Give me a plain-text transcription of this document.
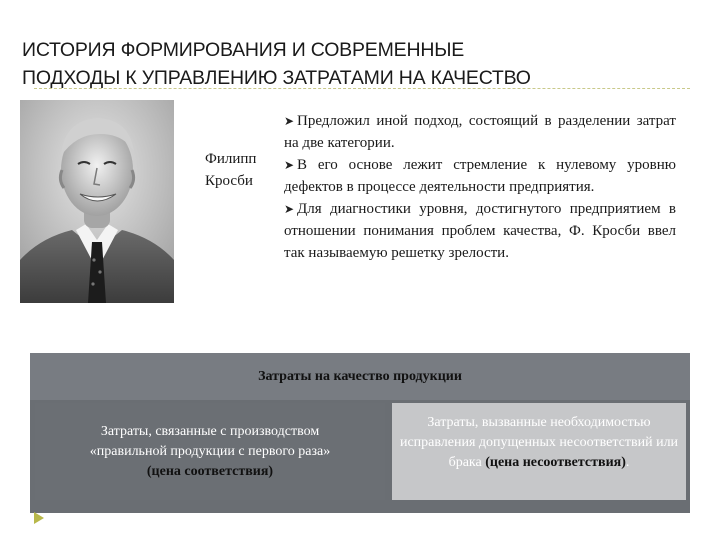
ИСТОРИЯ ФОРМИРОВАНИЯ И СОВРЕМЕННЫЕ
ПОДХОДЫ К УПРАВЛЕНИЮ ЗАТРАТАМИ НА КАЧЕСТВО
Филипп
Кросби
➤ Предложил иной подход, состоящий в разделении затрат на две категории.
➤ В его основе лежит стремление к нулевому уровню дефектов в процессе деятельности предприятия.
➤ Для диагностики уровня, достигнутого предприятием в отношении понимания проблем качества, Ф. Кросби ввел так называемую решетку зрелости.
Затраты на качество продукции
Затраты, связанные с производством
«правильной продукции с первого раза»
(цена соответствия)
Затраты, вызванные необходимостью исправления допущенных несоответствий или брака (цена несоответствия).
